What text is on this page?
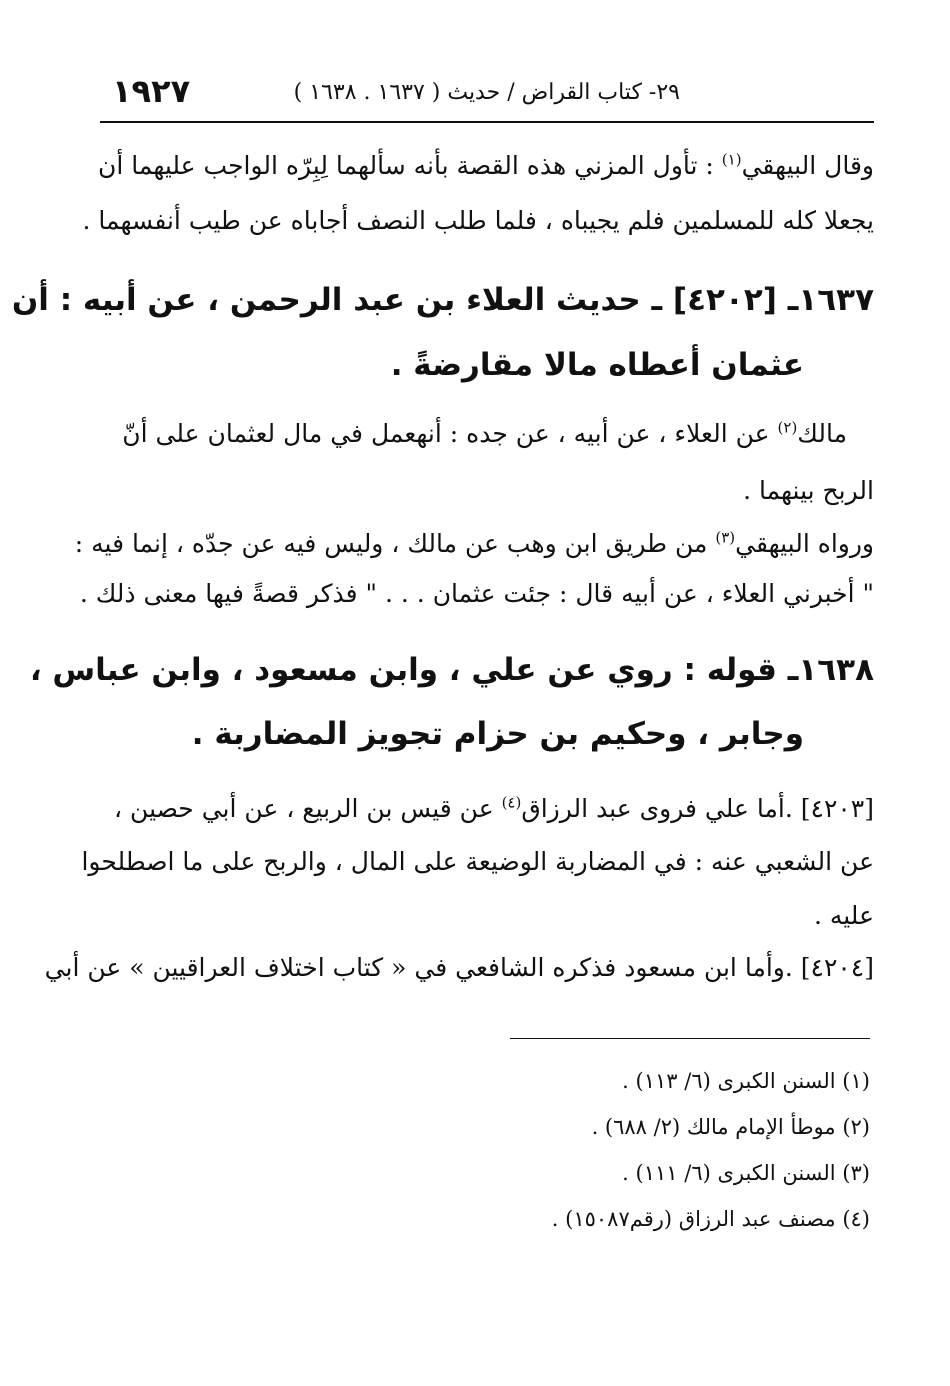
١٩٢٧	٢٩- كتاب القراض / حديث ( ١٦٣٧ . ١٦٣٨ )
وقال البيهقي$^{(١)}$ : تأول المزني هذه القصة بأنه سألهما لِبِرّه الواجب عليهما أن
يجعلا كله للمسلمين فلم يجيباه ، فلما طلب النصف أجاباه عن طيب أنفسهما .
١٦٣٧ـ [٤٢٠٢] ـ حديث العلاء بن عبد الرحمن ، عن أبيه : أن
عثمان أعطاه مالا مقارضةً .
مالك$^{(٢)}$ عن العلاء ، عن أبيه ، عن جده : أنهعمل في مال لعثمان على أنّ
الربح بينهما .
ورواه البيهقي$^{(٣)}$ من طريق ابن وهب عن مالك ، وليس فيه عن جدّه ، إنما فيه :
" أخبرني العلاء ، عن أبيه قال : جئت عثمان . . . " فذكر قصةً فيها معنى ذلك .
١٦٣٨ـ قوله : روي عن علي ، وابن مسعود ، وابن عباس ،
وجابر ، وحكيم بن حزام تجويز المضاربة .
[٤٢٠٣] .أما علي فروى عبد الرزاق$^{(٤)}$ عن قيس بن الربيع ، عن أبي حصين ،
عن الشعبي عنه : في المضاربة الوضيعة على المال ، والربح على ما اصطلحوا
عليه .
[٤٢٠٤] .وأما ابن مسعود فذكره الشافعي في « كتاب اختلاف العراقيين » عن أبي
(١) السنن الكبرى (٦/ ١١٣) .
(٢) موطأ الإمام مالك (٢/ ٦٨٨) .
(٣) السنن الكبرى (٦/ ١١١) .
(٤) مصنف عبد الرزاق (رقم١٥٠٨٧) .
